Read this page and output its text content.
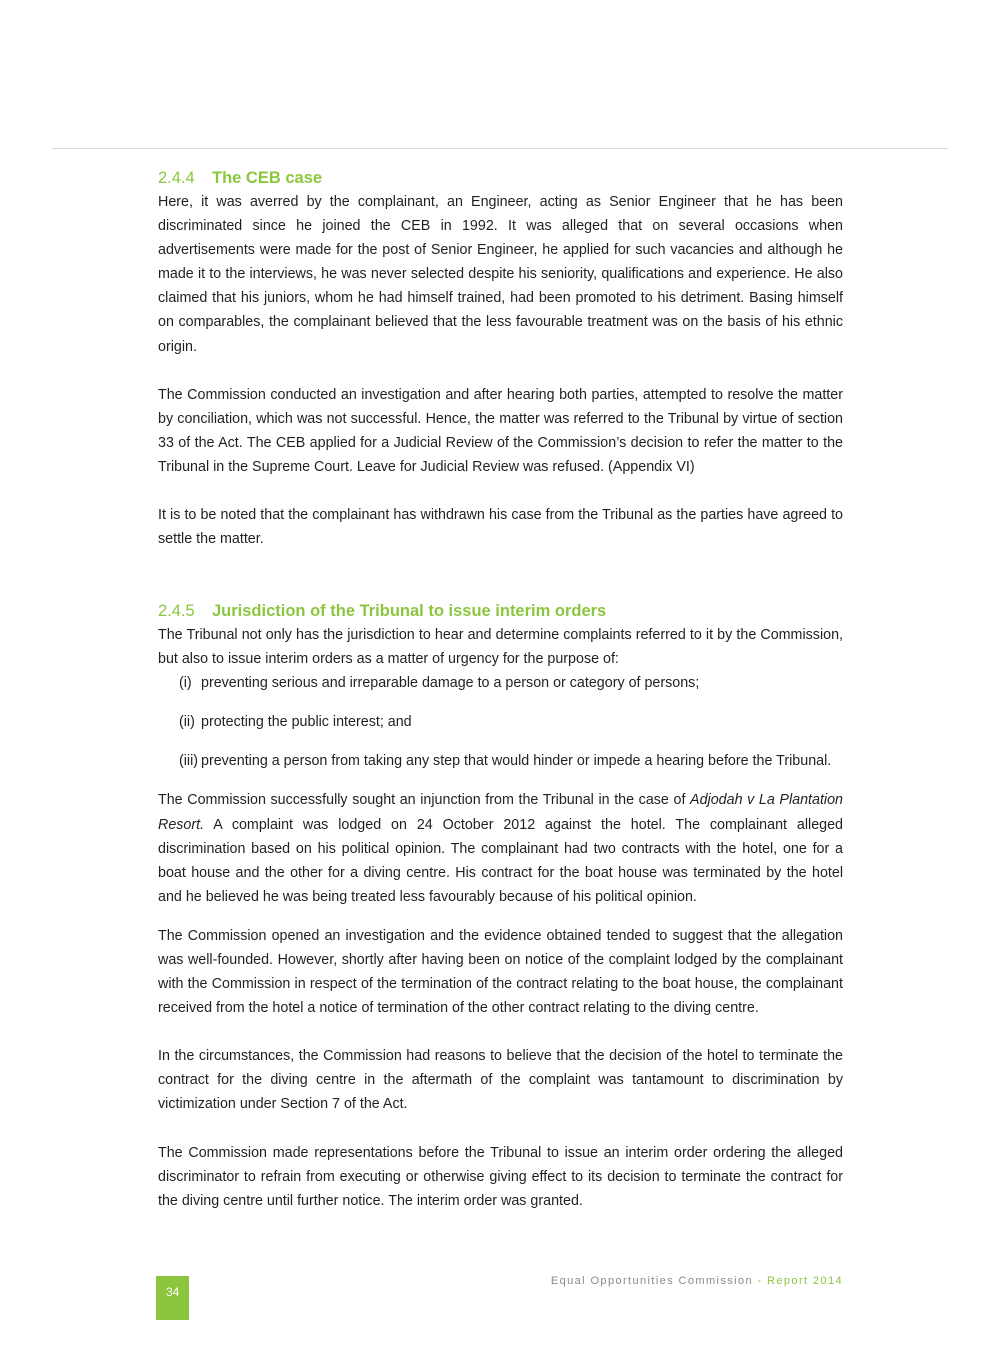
2.4.4 The CEB case

Here, it was averred by the complainant, an Engineer, acting as Senior Engineer that he has been discriminated since he joined the CEB in 1992. It was alleged that on several occasions when advertisements were made for the post of Senior Engineer, he applied for such vacancies and although he made it to the interviews, he was never selected despite his seniority, qualifications and experience. He also claimed that his juniors, whom he had himself trained, had been promoted to his detriment. Basing himself on comparables, the complainant believed that the less favourable treatment was on the basis of his ethnic origin.

The Commission conducted an investigation and after hearing both parties, attempted to resolve the matter by conciliation, which was not successful. Hence, the matter was referred to the Tribunal by virtue of section 33 of the Act. The CEB applied for a Judicial Review of the Commission’s decision to refer the matter to the Tribunal in the Supreme Court. Leave for Judicial Review was refused. (Appendix VI)

It is to be noted that the complainant has withdrawn his case from the Tribunal as the parties have agreed to settle the matter.

2.4.5 Jurisdiction of the Tribunal to issue interim orders

The Tribunal not only has the jurisdiction to hear and determine complaints referred to it by the Commission, but also to issue interim orders as a matter of urgency for the purpose of:

(i) preventing serious and irreparable damage to a person or category of persons;
(ii) protecting the public interest; and
(iii) preventing a person from taking any step that would hinder or impede a hearing before the Tribunal.

The Commission successfully sought an injunction from the Tribunal in the case of Adjodah v La Plantation Resort. A complaint was lodged on 24 October 2012 against the hotel. The complainant alleged discrimination based on his political opinion. The complainant had two contracts with the hotel, one for a boat house and the other for a diving centre. His contract for the boat house was terminated by the hotel and he believed he was being treated less favourably because of his political opinion.

The Commission opened an investigation and the evidence obtained tended to suggest that the allegation was well-founded. However, shortly after having been on notice of the complaint lodged by the complainant with the Commission in respect of the termination of the contract relating to the boat house, the complainant received from the hotel a notice of termination of the other contract relating to the diving centre.

In the circumstances, the Commission had reasons to believe that the decision of the hotel to terminate the contract for the diving centre in the aftermath of the complaint was tantamount to discrimination by victimization under Section 7 of the Act.

The Commission made representations before the Tribunal to issue an interim order ordering the alleged discriminator to refrain from executing or otherwise giving effect to its decision to terminate the contract for the diving centre until further notice. The interim order was granted.

Equal Opportunities Commission - Report 2014
34
